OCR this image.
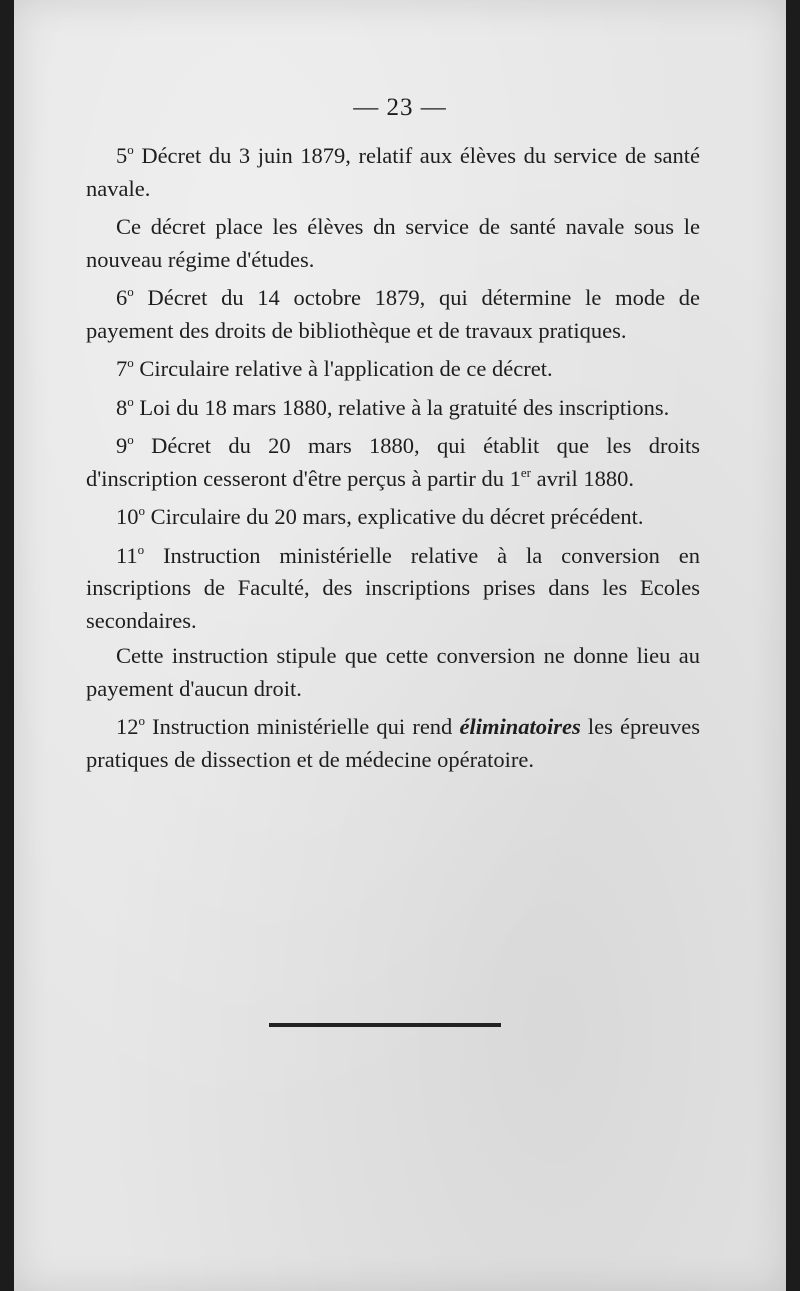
— 23 —

5$^o$ Décret du 3 juin 1879, relatif aux élèves du service de santé navale.

Ce décret place les élèves dn service de santé navale sous le nouveau régime d'études.

6$^o$ Décret du 14 octobre 1879, qui détermine le mode de payement des droits de bibliothèque et de travaux pratiques.

7$^o$ Circulaire relative à l'application de ce décret.

8$^o$ Loi du 18 mars 1880, relative à la gratuité des inscriptions.

9$^o$ Décret du 20 mars 1880, qui établit que les droits d'inscription cesseront d'être perçus à partir du 1er avril 1880.

10$^o$ Circulaire du 20 mars, explicative du décret précédent.

11$^o$ Instruction ministérielle relative à la conversion en inscriptions de Faculté, des inscriptions prises dans les Ecoles secondaires.

Cette instruction stipule que cette conversion ne donne lieu au payement d'aucun droit.

12$^o$ Instruction ministérielle qui rend éliminatoires les épreuves pratiques de dissection et de médecine opératoire.
